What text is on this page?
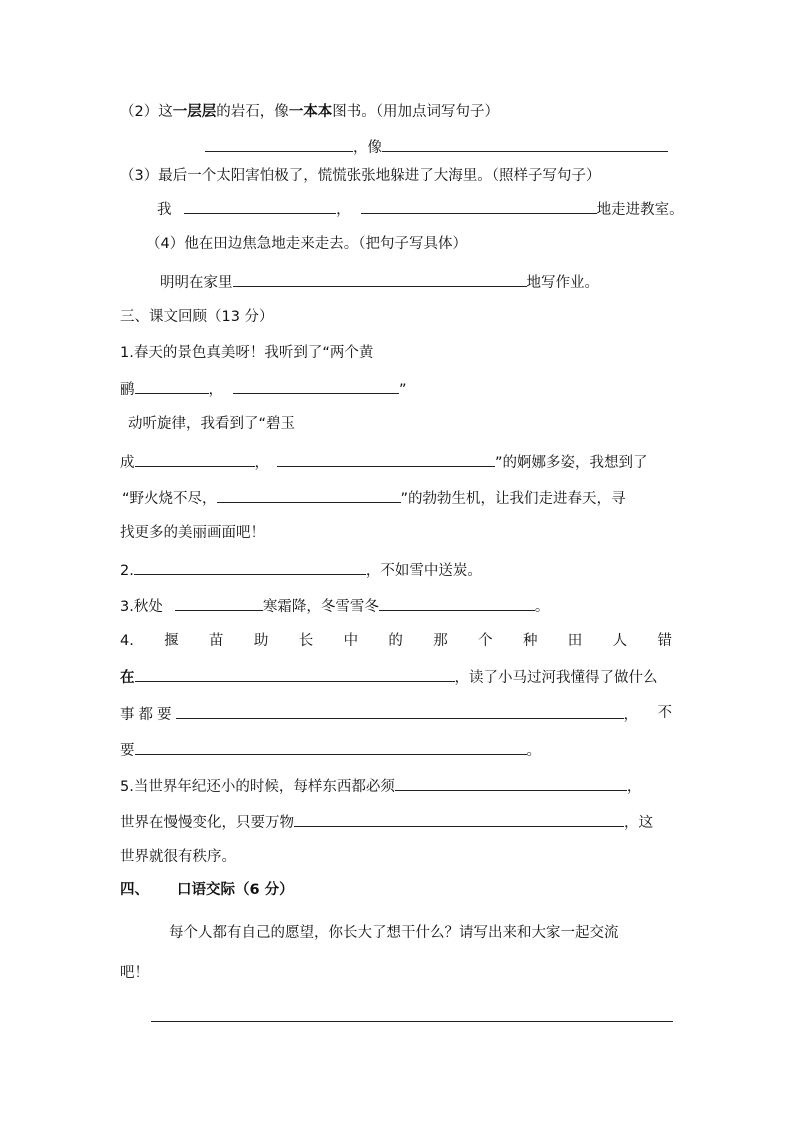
（2）这一层层的岩石，像一本本图书。（用加点词写句子）
，像
（3）最后一个太阳害怕极了，慌慌张张地躲进了大海里。（照样子写句子）
我	，	地走进教室。
（4）他在田边焦急地走来走去。（把句子写具体）
明明在家里	地写作业。
三、课文回顾（13 分）
1.春天的景色真美呀！我听到了“两个黄
鹂	，	”
动听旋律，我看到了“碧玉
成	，	”的婀娜多姿，我想到了
“野火烧不尽，	”的勃勃生机，让我们走进春天，寻
找更多的美丽画面吧！
2.	，不如雪中送炭。
3.秋处	寒霜降，冬雪雪冬	。
4. 揠 苗 助 长 中 的 那 个 种 田 人 错
在	，读了小马过河我懂得了做什么
事都要	， 不
要	。
5.当世界年纪还小的时候，每样东西都必须	，
世界在慢慢变化，只要万物	，这
世界就很有秩序。
四、 口语交际（6 分）
每个人都有自己的愿望，你长大了想干什么？请写出来和大家一起交流
吧！
